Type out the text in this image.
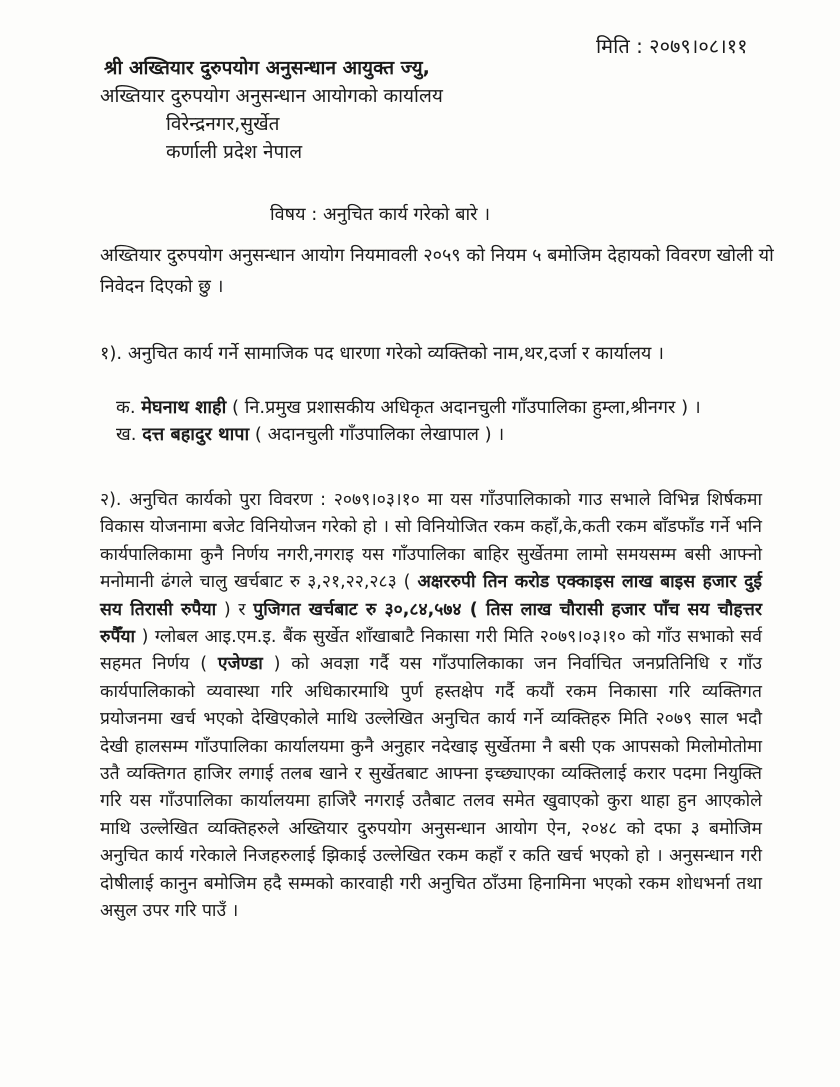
मिति : २०७९।०८।११
श्री अख्तियार दुरुपयोग अनुसन्धान आयुक्त ज्यु,
अख्तियार दुरुपयोग अनुसन्धान आयोगको कार्यालय
विरेन्द्रनगर,सुर्खेत
कर्णाली प्रदेश नेपाल
विषय : अनुचित कार्य गरेको बारे ।
अख्तियार दुरुपयोग अनुसन्धान आयोग नियमावली २०५९ को नियम ५ बमोजिम देहायको विवरण खोली यो निवेदन दिएको छु ।
१). अनुचित कार्य गर्ने सामाजिक पद धारणा गरेको व्यक्तिको नाम,थर,दर्जा र कार्यालय ।
क. मेघनाथ शाही ( नि.प्रमुख प्रशासकीय अधिकृत अदानचुली गाँउपालिका हुम्ला,श्रीनगर ) ।
ख. दत्त बहादुर थापा ( अदानचुली गाँउपालिका लेखापाल ) ।
२). अनुचित कार्यको पुरा विवरण : २०७९।०३।१० मा यस गाँउपालिकाको गाउ सभाले विभिन्न शिर्षकमा विकास योजनामा बजेट विनियोजन गरेको हो । सो विनियोजित रकम कहाँ,के,कती रकम बाँडफाँड गर्ने भनि कार्यपालिकामा कुनै निर्णय नगरी,नगराइ यस गाँउपालिका बाहिर सुर्खेतमा लामो समयसम्म बसी आफ्नो मनोमानी ढंगले चालु खर्चबाट रु ३,२१,२२,२८३ ( अक्षररुपी तिन करोड एक्काइस लाख बाइस हजार दुई सय तिरासी रुपैया ) र पुजिगत खर्चबाट रु ३०,८४,५७४ ( तिस लाख चौरासी हजार पाँच सय चौहत्तर रुपैँया ) ग्लोबल आइ.एम.इ. बैंक सुर्खेत शाँखाबाटै निकासा गरी मिति २०७९।०३।१० को गाँउ सभाको सर्व सहमत निर्णय ( एजेण्डा ) को अवज्ञा गर्दै यस गाँउपालिकाका जन निर्वाचित जनप्रतिनिधि र गाँउ कार्यपालिकाको व्यवास्था गरि अधिकारमाथि पुर्ण हस्तक्षेप गर्दै कयौं रकम निकासा गरि व्यक्तिगत प्रयोजनमा खर्च भएको देखिएकोले माथि उल्लेखित अनुचित कार्य गर्ने व्यक्तिहरु मिति २०७९ साल भदौ देखी हालसम्म गाँउपालिका कार्यालयमा कुनै अनुहार नदेखाइ सुर्खेतमा नै बसी एक आपसको मिलोमोतोमा उतै व्यक्तिगत हाजिर लगाई तलब खाने र सुर्खेतबाट आफ्ना इच्छ्याएका व्यक्तिलाई करार पदमा नियुक्ति गरि यस गाँउपालिका कार्यालयमा हाजिरै नगराई उतैबाट तलव समेत खुवाएको कुरा थाहा हुन आएकोले माथि उल्लेखित व्यक्तिहरुले अख्तियार दुरुपयोग अनुसन्धान आयोग ऐन, २०४८ को दफा ३ बमोजिम अनुचित कार्य गरेकाले निजहरुलाई झिकाई उल्लेखित रकम कहाँ र कति खर्च भएको हो । अनुसन्धान गरी दोषीलाई कानुन बमोजिम हदै सम्मको कारवाही गरी अनुचित ठाँउमा हिनामिना भएको रकम शोधभर्ना तथा असुल उपर गरि पाउँ ।
